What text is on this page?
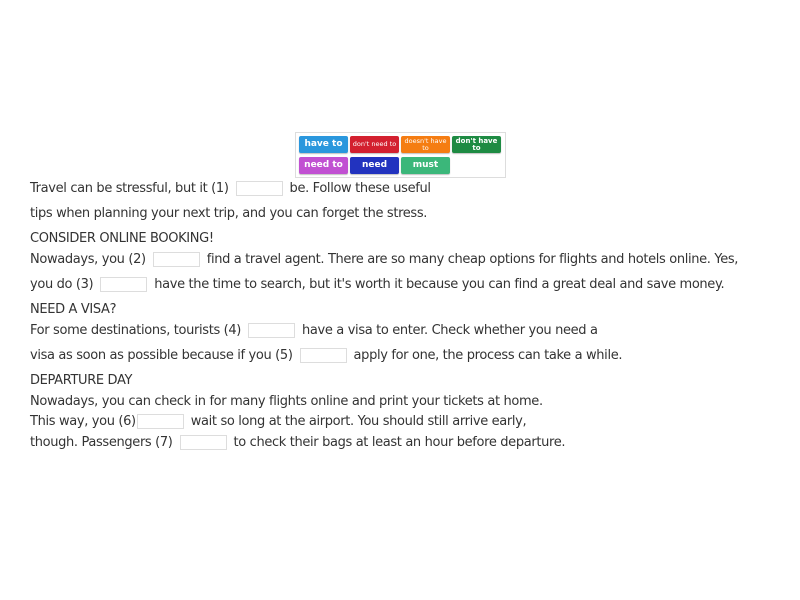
have to	don't need to	doesn't have to
don't have to
need to	need	must
Travel can be stressful, but it (1)	be. Follow these useful
tips when planning your next trip, and you can forget the stress.
CONSIDER ONLINE BOOKING!
Nowadays, you (2)	find a travel agent. There are so many cheap options for flights and hotels online. Yes,
you do (3)	have the time to search, but it's worth it because you can find a great deal and save money.
NEED A VISA?
For some destinations, tourists (4)	have a visa to enter. Check whether you need a
visa as soon as possible because if you (5)	apply for one, the process can take a while.
DEPARTURE DAY
Nowadays, you can check in for many flights online and print your tickets at home.
This way, you (6)	wait so long at the airport. You should still arrive early,
though. Passengers (7)	to check their bags at least an hour before departure.
